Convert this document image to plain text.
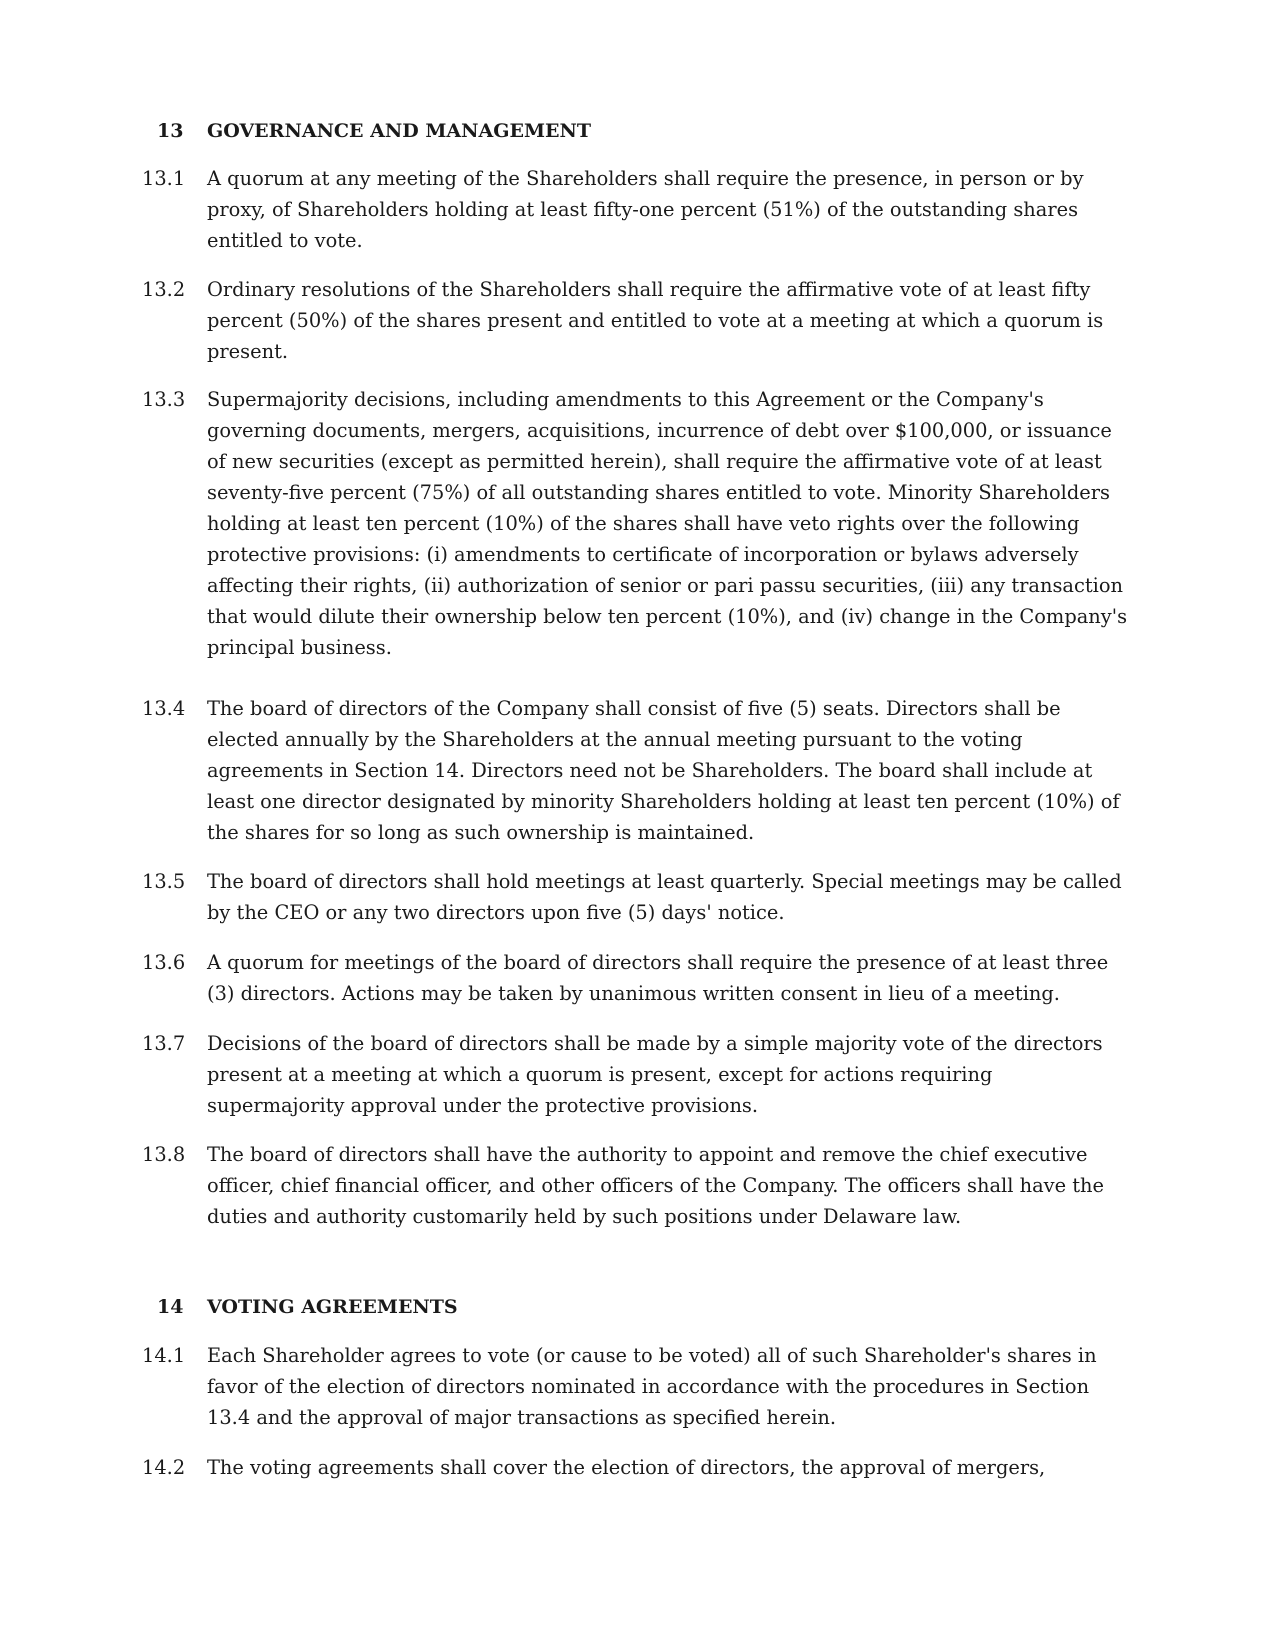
13 GOVERNANCE AND MANAGEMENT
13.1	A quorum at any meeting of the Shareholders shall require the presence, in person or by proxy, of Shareholders holding at least fifty-one percent (51%) of the outstanding shares entitled to vote.
13.2	Ordinary resolutions of the Shareholders shall require the affirmative vote of at least fifty percent (50%) of the shares present and entitled to vote at a meeting at which a quorum is present.
13.3	Supermajority decisions, including amendments to this Agreement or the Company's governing documents, mergers, acquisitions, incurrence of debt over $100,000, or issuance of new securities (except as permitted herein), shall require the affirmative vote of at least seventy-five percent (75%) of all outstanding shares entitled to vote. Minority Shareholders holding at least ten percent (10%) of the shares shall have veto rights over the following protective provisions: (i) amendments to certificate of incorporation or bylaws adversely affecting their rights, (ii) authorization of senior or pari passu securities, (iii) any transaction that would dilute their ownership below ten percent (10%), and (iv) change in the Company's principal business.
13.4	The board of directors of the Company shall consist of five (5) seats. Directors shall be elected annually by the Shareholders at the annual meeting pursuant to the voting agreements in Section 14. Directors need not be Shareholders. The board shall include at least one director designated by minority Shareholders holding at least ten percent (10%) of the shares for so long as such ownership is maintained.
13.5	The board of directors shall hold meetings at least quarterly. Special meetings may be called by the CEO or any two directors upon five (5) days' notice.
13.6	A quorum for meetings of the board of directors shall require the presence of at least three (3) directors. Actions may be taken by unanimous written consent in lieu of a meeting.
13.7	Decisions of the board of directors shall be made by a simple majority vote of the directors present at a meeting at which a quorum is present, except for actions requiring supermajority approval under the protective provisions.
13.8	The board of directors shall have the authority to appoint and remove the chief executive officer, chief financial officer, and other officers of the Company. The officers shall have the duties and authority customarily held by such positions under Delaware law.
14 VOTING AGREEMENTS
14.1	Each Shareholder agrees to vote (or cause to be voted) all of such Shareholder's shares in favor of the election of directors nominated in accordance with the procedures in Section 13.4 and the approval of major transactions as specified herein.
14.2	The voting agreements shall cover the election of directors, the approval of mergers,
